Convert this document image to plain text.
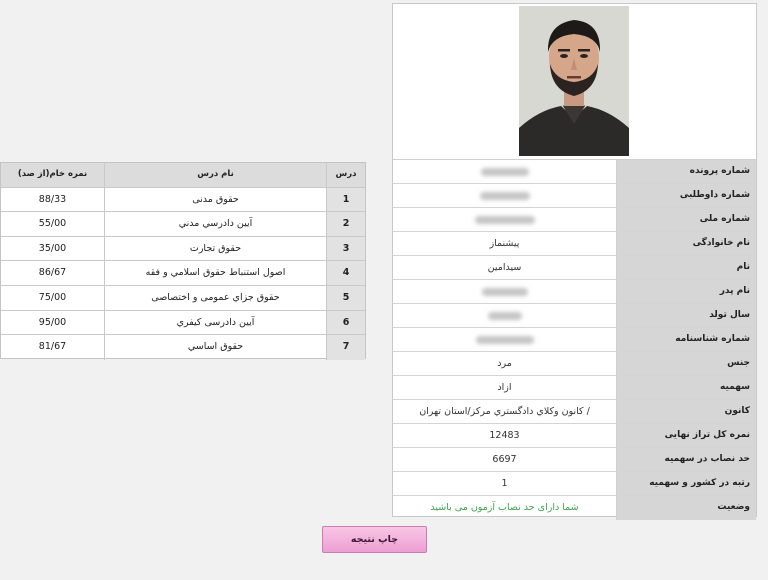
شماره پرونده
شماره داوطلبی
شماره ملی
پیشنماز	نام خانوادگی
سیدامین	نام
نام پدر
سال تولد
شماره شناسنامه
مرد	جنس
ازاد	سهمیه
/ کانون وکلاي دادگستري مرکز/استان تهران	کانون
12483	نمره کل تراز نهایی
6697	حد نصاب در سهمیه
1	رتبه در کشور و سهمیه
شما دارای حد نصاب آزمون می باشید	وضعیت
نمره خام(از صد)	نام درس	درس
88/33	حقوق مدنی	1
55/00	آیین دادرسي مدني	2
35/00	حقوق تجارت	3
86/67	اصول استنباط حقوق اسلامي و فقه	4
75/00	حقوق جزاي عمومی و اختصاصی	5
95/00	آیین دادرسی کیفري	6
81/67	حقوق اساسي	7
چاپ نتیجه
